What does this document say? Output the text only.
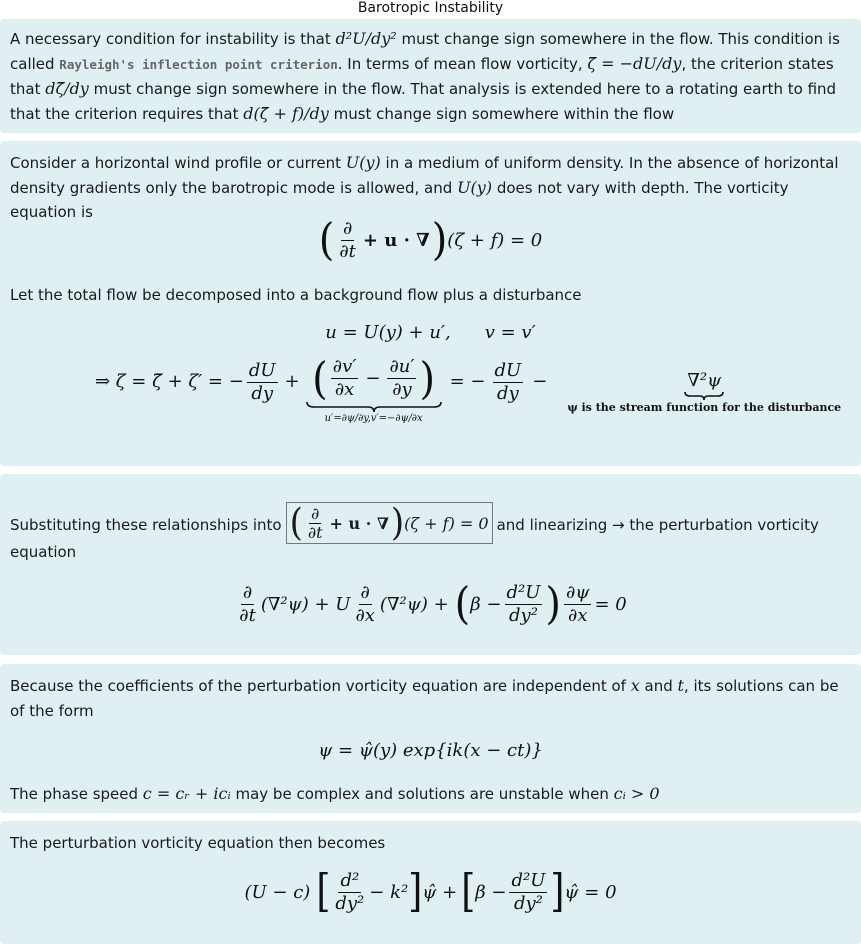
Barotropic Instability
A necessary condition for instability is that d²U/dy² must change sign somewhere in the flow. This condition is called Rayleigh's inflection point criterion. In terms of mean flow vorticity, ζ̄ = −dU/dy, the criterion states that dζ̄/dy must change sign somewhere in the flow. That analysis is extended here to a rotating earth to find that the criterion requires that d(ζ̄ + f)/dy must change sign somewhere within the flow
Consider a horizontal wind profile or current U(y) in a medium of uniform density. In the absence of horizontal density gradients only the barotropic mode is allowed, and U(y) does not vary with depth. The vorticity equation is
( $\frac{\partial}{\partial t} + u$ · ∇ ) (ζ + f) = 0
Let the total flow be decomposed into a background flow plus a disturbance
u = U(y) + u′, v = v′
⇒ ζ = ζ̄ + ζ′ = − $\frac{dU}{dy}$ + ( $\frac{\partial v'}{\partial x} - \frac{\partial u'}{\partial y}$ )
u′=∂ψ/∂y,v′=−∂ψ/∂x
= − $\frac{dU}{dy}$ −	∇²ψ
ψ is the stream function for the disturbance
Substituting these relationships into ( $\frac{\partial}{\partial t} + u$ · ∇ ) (ζ + f) = 0 and linearizing → the perturbation vorticity
equation
$\frac{\partial}{\partial t} (\nabla^2\psi) + U \frac{\partial}{\partial x} (\nabla^2\psi)$ + ( $\beta - \frac{\text{d²U}}{\text{dy²}}$ ) $\frac{\partial\psi}{\partial x} = 0$
Because the coefficients of the perturbation vorticity equation are independent of x and t, its solutions can be of the form
ψ = ψ̂(y) exp{ik(x − ct)}
The phase speed c = cᵣ + icᵢ may be complex and solutions are unstable when cᵢ > 0
The perturbation vorticity equation then becomes
(U − c) [ $\frac{\text{d²}}{\text{dy²}} - k^2$ ] ψ̂ + [ $\beta - \frac{\text{d²U}}{\text{dy²}}$ ] ψ̂ = 0
